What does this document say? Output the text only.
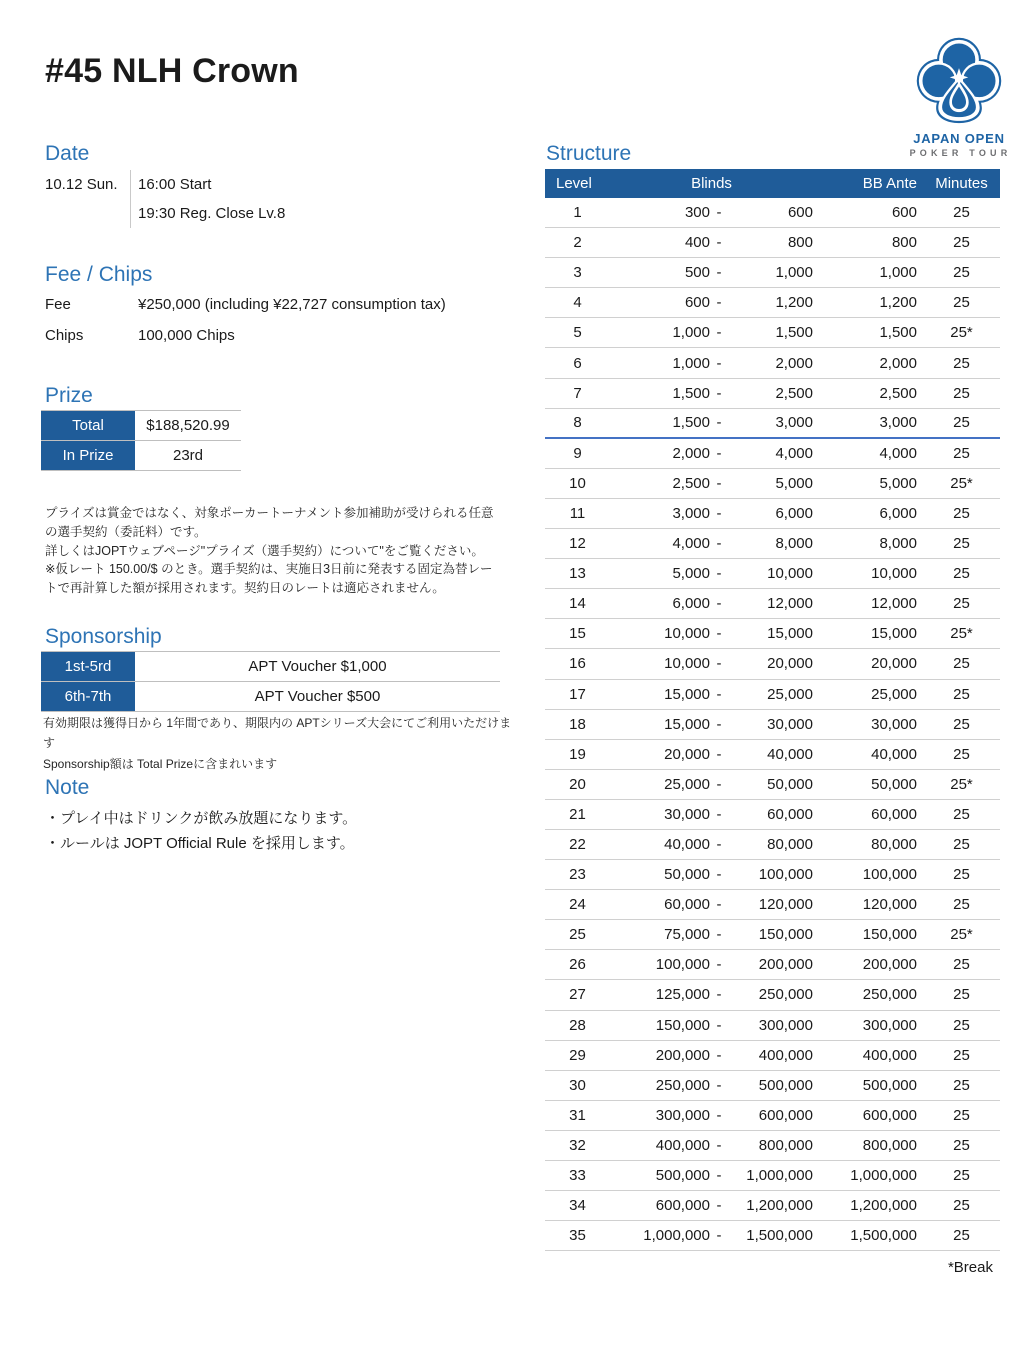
#45 NLH Crown
JAPAN OPEN
POKER TOUR
Date
10.12 Sun. 16:00 Start
19:30 Reg. Close Lv.8
Fee / Chips
Fee	¥250,000 (including ¥22,727 consumption tax)
Chips	100,000 Chips
Prize
Total	$188,520.99
In Prize	23rd
プライズは賞金ではなく、対象ポーカートーナメント参加補助が受けられる任意の選手契約（委託料）です。
詳しくはJOPTウェブページ"プライズ（選手契約）について"をご覧ください。
※仮レート 150.00/$ のとき。選手契約は、実施日3日前に発表する固定為替レートで再計算した額が採用されます。契約日のレートは適応されません。
Sponsorship
1st-5rd	APT Voucher $1,000
6th-7th	APT Voucher $500
有効期限は獲得日から 1年間であり、期限内の APTシリーズ大会にてご利用いただけます
Sponsorship額は Total Prizeに含まれいます
Note
・プレイ中はドリンクが飲み放題になります。
・ルールは JOPT Official Rule を採用します。
Structure
Level	Blinds	BB Ante	Minutes
1	300 -	600	600	25
2	400 -	800	800	25
3	500 -	1,000	1,000	25
4	600 -	1,200	1,200	25
5	1,000 -	1,500	1,500	25*
6	1,000 -	2,000	2,000	25
7	1,500 -	2,500	2,500	25
8	1,500 -	3,000	3,000	25
9	2,000 -	4,000	4,000	25
10	2,500 -	5,000	5,000	25*
11	3,000 -	6,000	6,000	25
12	4,000 -	8,000	8,000	25
13	5,000 -	10,000	10,000	25
14	6,000 -	12,000	12,000	25
15	10,000 -	15,000	15,000	25*
16	10,000 -	20,000	20,000	25
17	15,000 -	25,000	25,000	25
18	15,000 -	30,000	30,000	25
19	20,000 -	40,000	40,000	25
20	25,000 -	50,000	50,000	25*
21	30,000 -	60,000	60,000	25
22	40,000 -	80,000	80,000	25
23	50,000 -	100,000	100,000	25
24	60,000 -	120,000	120,000	25
25	75,000 -	150,000	150,000	25*
26	100,000 -	200,000	200,000	25
27	125,000 -	250,000	250,000	25
28	150,000 -	300,000	300,000	25
29	200,000 -	400,000	400,000	25
30	250,000 -	500,000	500,000	25
31	300,000 -	600,000	600,000	25
32	400,000 -	800,000	800,000	25
33	500,000 -	1,000,000	1,000,000	25
34	600,000 -	1,200,000	1,200,000	25
35	1,000,000 -	1,500,000	1,500,000	25
*Break
